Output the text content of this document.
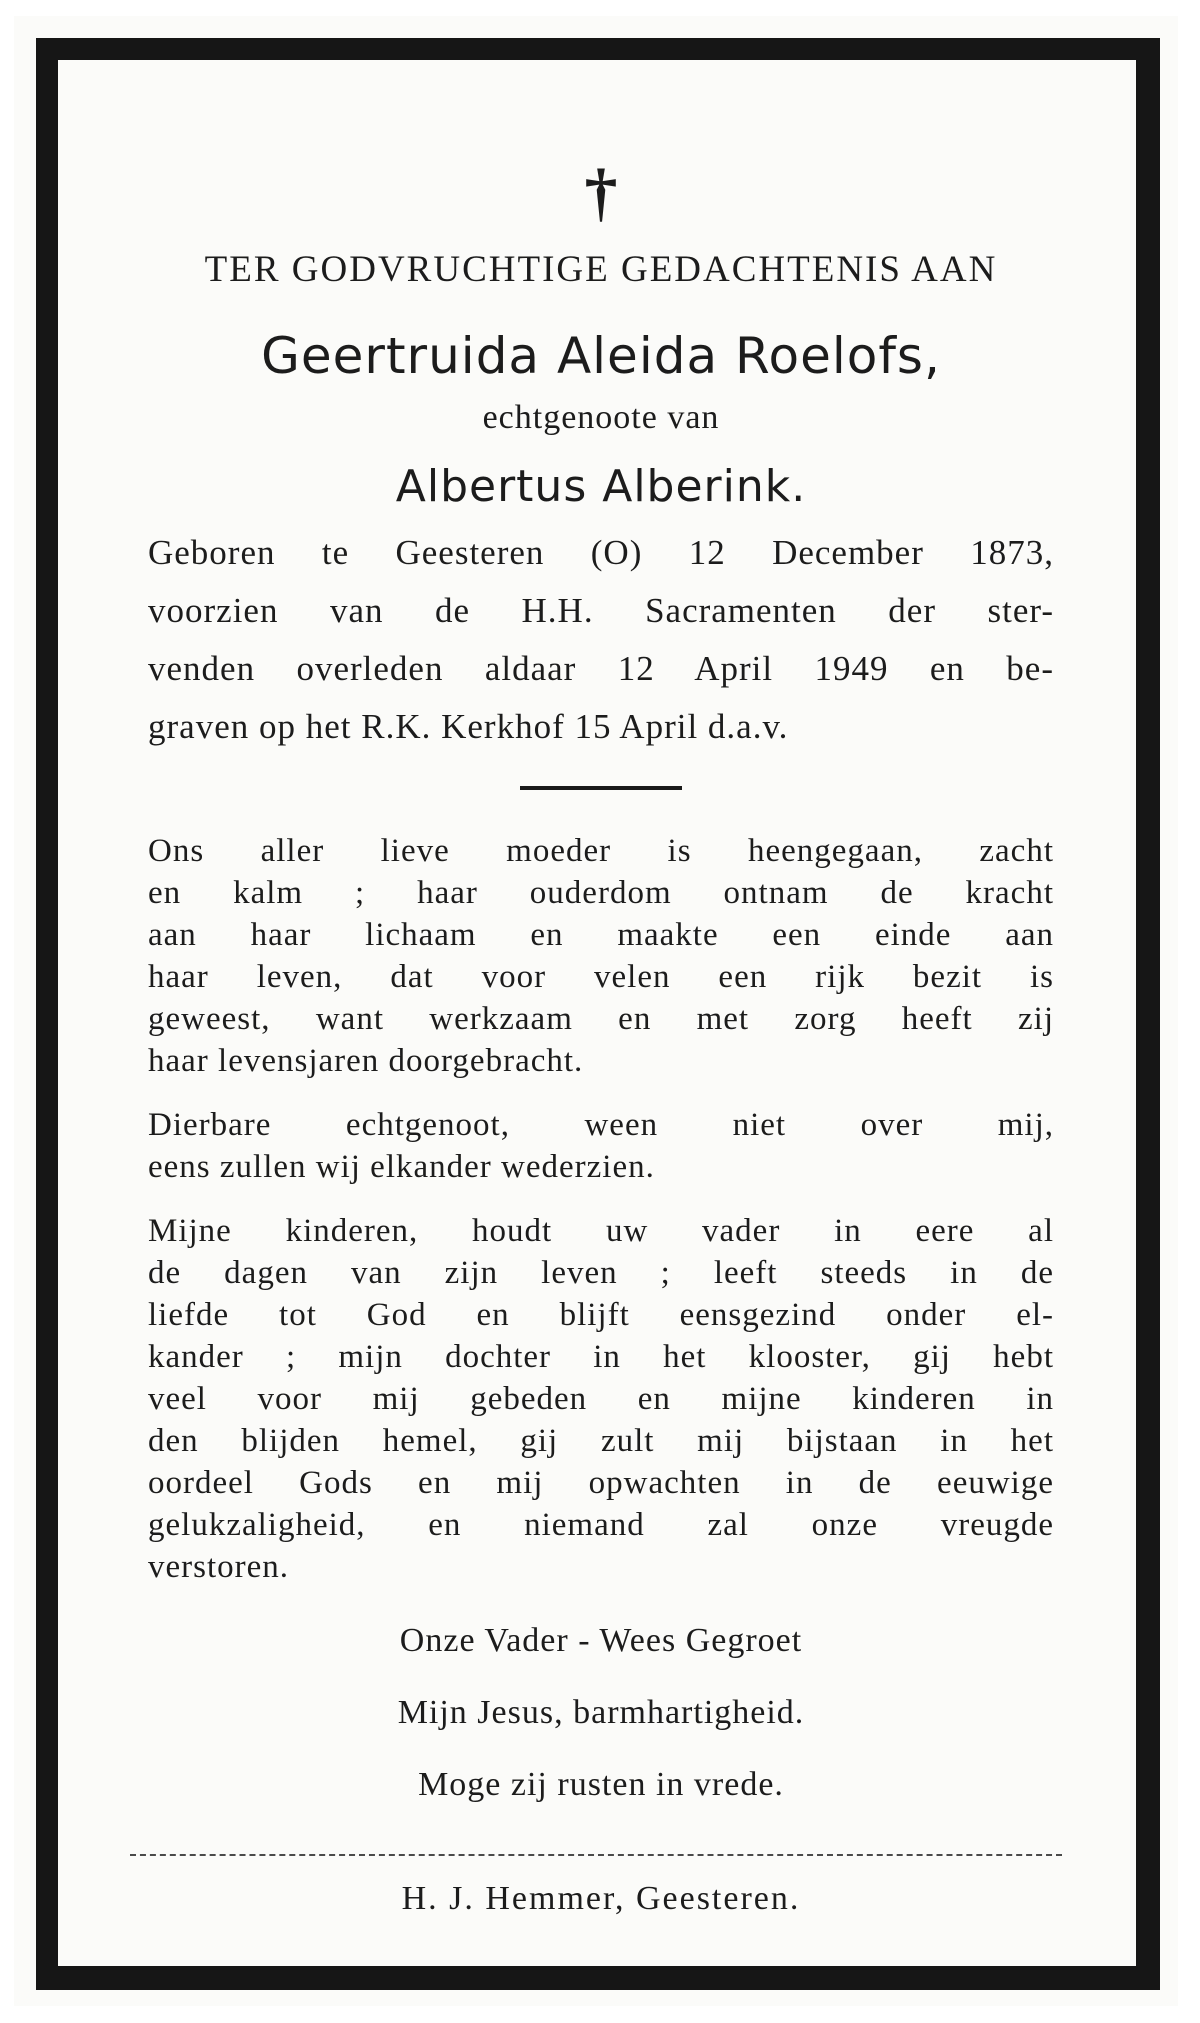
†
TER GODVRUCHTIGE GEDACHTENIS AAN
Geertruida Aleida Roelofs,
echtgenoote van
Albertus Alberink.
Geboren te Geesteren (O) 12 December 1873,
voorzien van de H.H. Sacramenten der ster-
venden overleden aldaar 12 April 1949 en be-
graven op het R.K. Kerkhof 15 April d.a.v.
Ons aller lieve moeder is heengegaan, zacht
en kalm ; haar ouderdom ontnam de kracht
aan haar lichaam en maakte een einde aan
haar leven, dat voor velen een rijk bezit is
geweest, want werkzaam en met zorg heeft zij
haar levensjaren doorgebracht.
Dierbare echtgenoot, ween niet over mij,
eens zullen wij elkander wederzien.
Mijne kinderen, houdt uw vader in eere al
de dagen van zijn leven ; leeft steeds in de
liefde tot God en blijft eensgezind onder el-
kander ; mijn dochter in het klooster, gij hebt
veel voor mij gebeden en mijne kinderen in
den blijden hemel, gij zult mij bijstaan in het
oordeel Gods en mij opwachten in de eeuwige
gelukzaligheid, en niemand zal onze vreugde
verstoren.
Onze Vader - Wees Gegroet
Mijn Jesus, barmhartigheid.
Moge zij rusten in vrede.
H. J. Hemmer, Geesteren.
